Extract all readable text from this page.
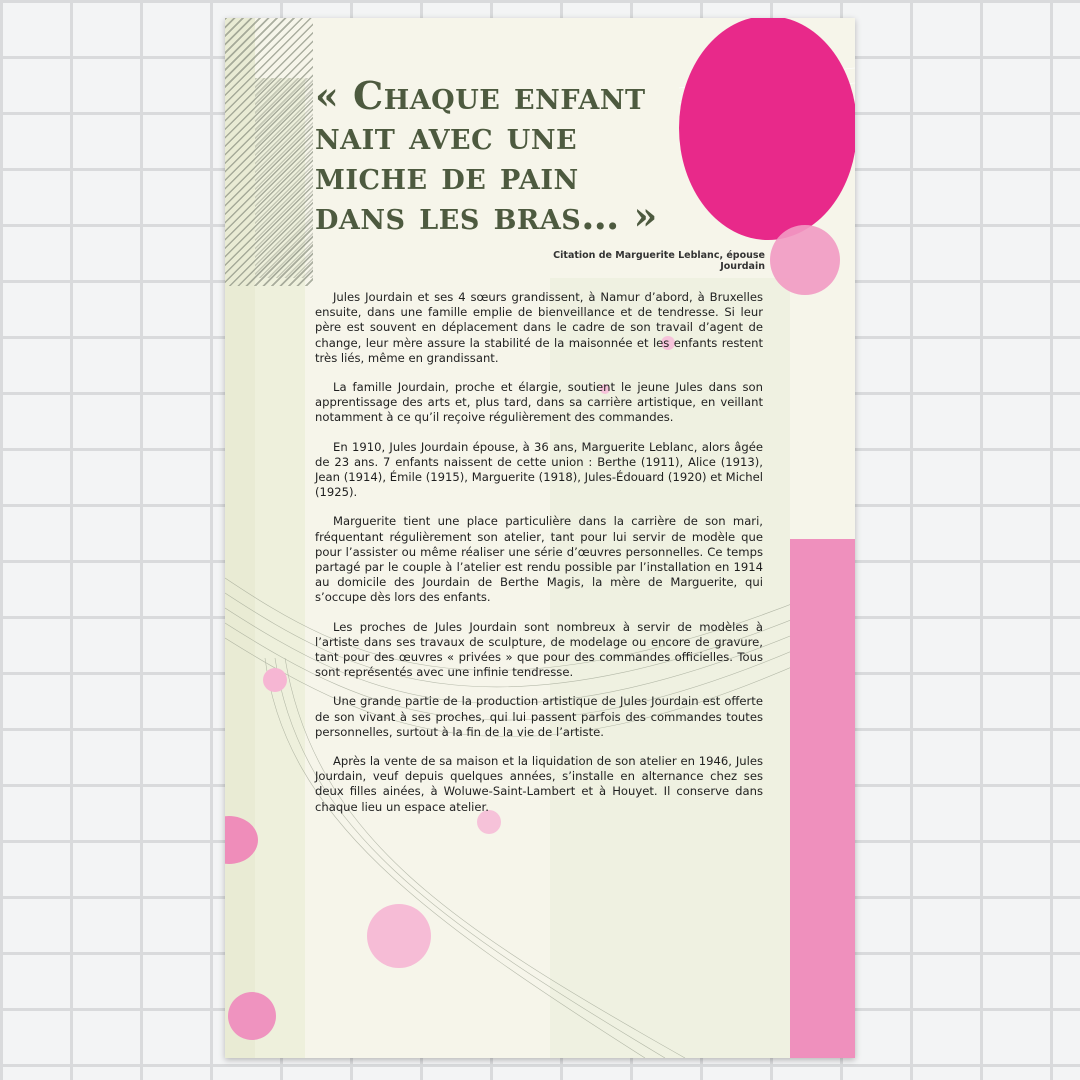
« Chaque enfant
nait avec une
miche de pain
dans les bras… »

Citation de Marguerite Leblanc, épouse Jourdain

Jules Jourdain et ses 4 sœurs grandissent, à Namur d’abord, à Bruxelles ensuite, dans une famille emplie de bienveillance et de tendresse. Si leur père est souvent en déplacement dans le cadre de son travail d’agent de change, leur mère assure la stabilité de la maisonnée et les enfants restent très liés, même en grandissant.

La famille Jourdain, proche et élargie, soutient le jeune Jules dans son apprentissage des arts et, plus tard, dans sa carrière artistique, en veillant notamment à ce qu’il reçoive régulièrement des commandes.

En 1910, Jules Jourdain épouse, à 36 ans, Marguerite Leblanc, alors âgée de 23 ans. 7 enfants naissent de cette union : Berthe (1911), Alice (1913), Jean (1914), Émile (1915), Marguerite (1918), Jules-Édouard (1920) et Michel (1925).

Marguerite tient une place particulière dans la carrière de son mari, fréquentant régulièrement son atelier, tant pour lui servir de modèle que pour l’assister ou même réaliser une série d’œuvres personnelles. Ce temps partagé par le couple à l’atelier est rendu possible par l’installation en 1914 au domicile des Jourdain de Berthe Magis, la mère de Marguerite, qui s’occupe dès lors des enfants.

Les proches de Jules Jourdain sont nombreux à servir de modèles à l’artiste dans ses travaux de sculpture, de modelage ou encore de gravure, tant pour des œuvres « privées » que pour des commandes officielles. Tous sont représentés avec une infinie tendresse.

Une grande partie de la production artistique de Jules Jourdain est offerte de son vivant à ses proches, qui lui passent parfois des commandes toutes personnelles, surtout à la fin de la vie de l’artiste.

Après la vente de sa maison et la liquidation de son atelier en 1946, Jules Jourdain, veuf depuis quelques années, s’installe en alternance chez ses deux filles ainées, à Woluwe-Saint-Lambert et à Houyet. Il conserve dans chaque lieu un espace atelier.
